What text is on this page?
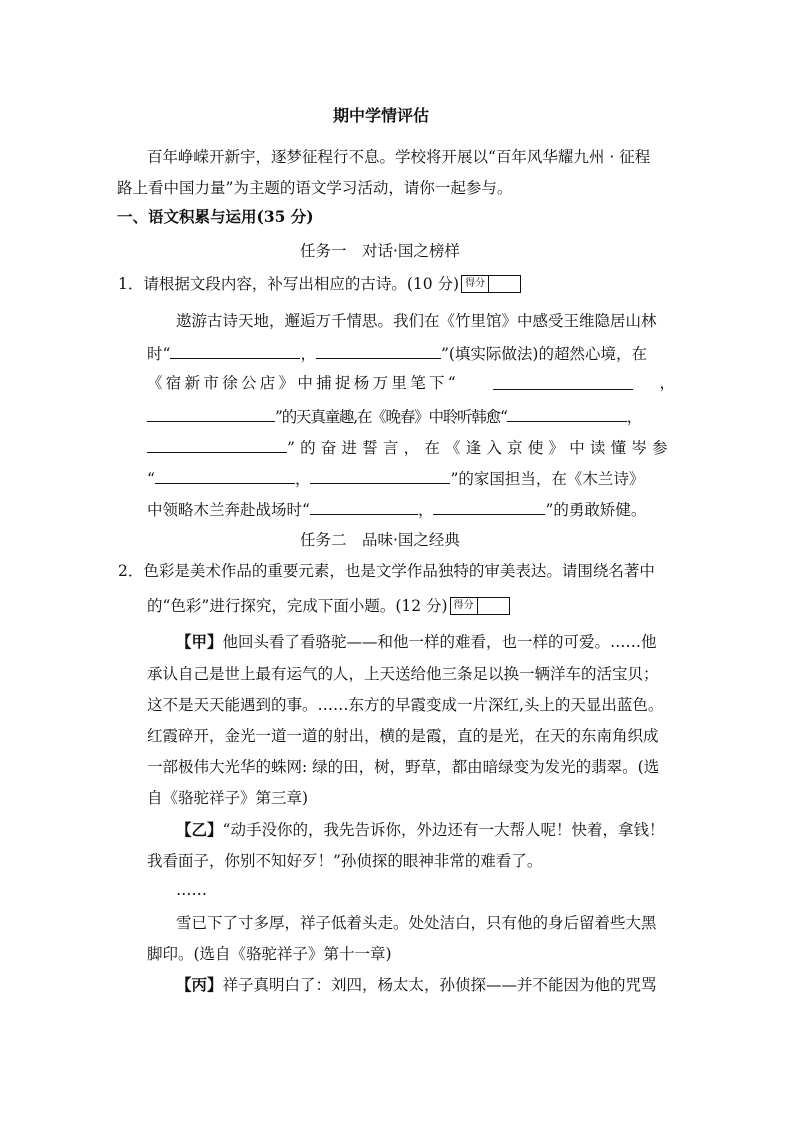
期中学情评估
百年峥嵘开新宇，逐梦征程行不息。学校将开展以“百年风华耀九州 · 征程
路上看中国力量”为主题的语文学习活动，请你一起参与。
一、语文积累与运用(35 分)
任务一　对话·国之榜样
1．请根据文段内容，补写出相应的古诗。(10 分) 得分
遨游古诗天地，邂逅万千情思。我们在《竹里馆》中感受王维隐居山林
时“	，	”(填实际做法)的超然心境，在
《宿新市徐公店》中捕捉杨万里笔下“	，
”的天真童趣,在《晚春》中聆听韩愈“	，
”的奋进誓言，在《逢入京使》中读懂岑参
“	，	”的家国担当，在《木兰诗》
中领略木兰奔赴战场时“	，	”的勇敢矫健。
任务二　品味·国之经典
2．色彩是美术作品的重要元素，也是文学作品独特的审美表达。请围绕名著中
的“色彩”进行探究，完成下面小题。(12 分) 得分
【甲】他回头看了看骆驼——和他一样的难看，也一样的可爱。……他
承认自己是世上最有运气的人，上天送给他三条足以换一辆洋车的活宝贝；
这不是天天能遇到的事。……东方的早霞变成一片深红,头上的天显出蓝色。
红霞碎开，金光一道一道的射出，横的是霞，直的是光，在天的东南角织成
一部极伟大光华的蛛网: 绿的田，树，野草，都由暗绿变为发光的翡翠。(选
自《骆驼祥子》第三章)
【乙】“动手没你的，我先告诉你，外边还有一大帮人呢！快着，拿钱！
我看面子，你别不知好歹！”孙侦探的眼神非常的难看了。
……
雪已下了寸多厚，祥子低着头走。处处洁白，只有他的身后留着些大黑
脚印。(选自《骆驼祥子》第十一章)
【丙】祥子真明白了：刘四，杨太太，孙侦探——并不能因为他的咒骂
